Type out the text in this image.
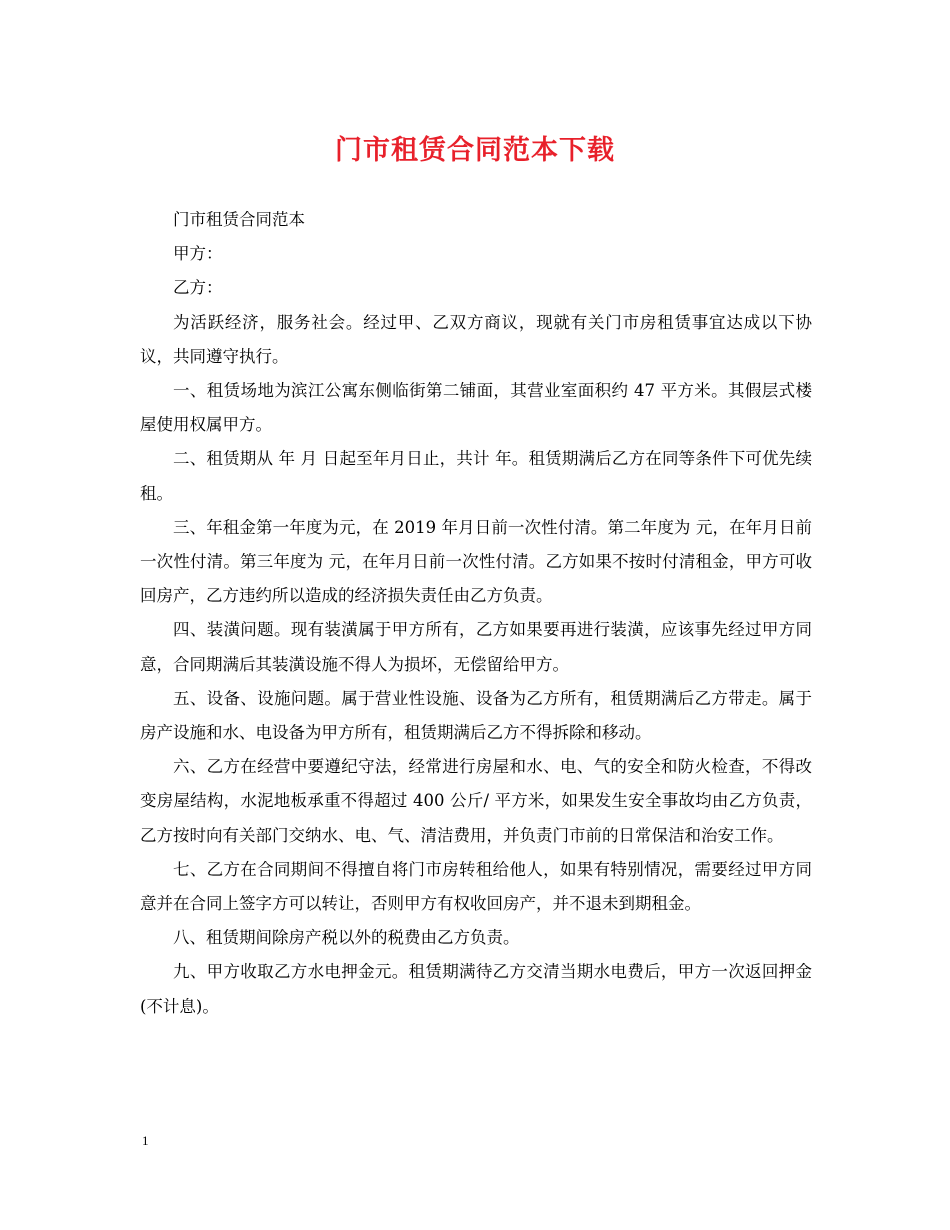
门市租赁合同范本下载

门市租赁合同范本

甲方：

乙方：

为活跃经济，服务社会。经过甲、乙双方商议，现就有关门市房租赁事宜达成以下协议，共同遵守执行。

一、租赁场地为滨江公寓东侧临街第二铺面，其营业室面积约 47 平方米。其假层式楼屋使用权属甲方。

二、租赁期从 年 月 日起至年月日止，共计 年。租赁期满后乙方在同等条件下可优先续租。

三、年租金第一年度为元，在 2019 年月日前一次性付清。第二年度为 元，在年月日前一次性付清。第三年度为 元，在年月日前一次性付清。乙方如果不按时付清租金，甲方可收回房产，乙方违约所以造成的经济损失责任由乙方负责。

四、装潢问题。现有装潢属于甲方所有，乙方如果要再进行装潢，应该事先经过甲方同意，合同期满后其装潢设施不得人为损坏，无偿留给甲方。

五、设备、设施问题。属于营业性设施、设备为乙方所有，租赁期满后乙方带走。属于房产设施和水、电设备为甲方所有，租赁期满后乙方不得拆除和移动。

六、乙方在经营中要遵纪守法，经常进行房屋和水、电、气的安全和防火检查，不得改变房屋结构，水泥地板承重不得超过 400 公斤/ 平方米，如果发生安全事故均由乙方负责，乙方按时向有关部门交纳水、电、气、清洁费用，并负责门市前的日常保洁和治安工作。

七、乙方在合同期间不得擅自将门市房转租给他人，如果有特别情况，需要经过甲方同意并在合同上签字方可以转让，否则甲方有权收回房产，并不退未到期租金。

八、租赁期间除房产税以外的税费由乙方负责。

九、甲方收取乙方水电押金元。租赁期满待乙方交清当期水电费后，甲方一次返回押金(不计息)。

1
